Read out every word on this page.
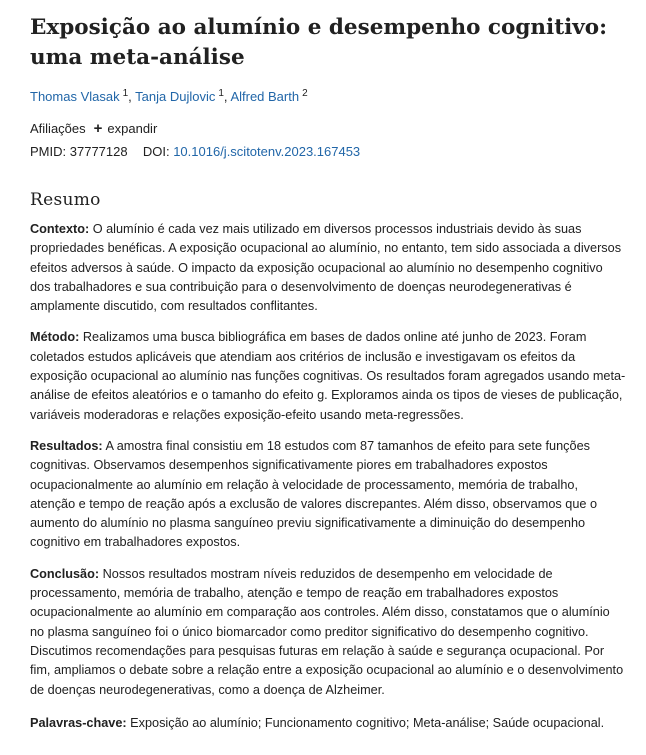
Exposição ao alumínio e desempenho cognitivo: uma meta-análise
Thomas Vlasak $^1$, Tanja Dujlovic $^1$, Alfred Barth $^2$
Afiliações + expandir
PMID: 37777128 DOI: 10.1016/j.scitotenv.2023.167453
Resumo

Contexto: O alumínio é cada vez mais utilizado em diversos processos industriais devido às suas propriedades benéficas. A exposição ocupacional ao alumínio, no entanto, tem sido associada a diversos efeitos adversos à saúde. O impacto da exposição ocupacional ao alumínio no desempenho cognitivo dos trabalhadores e sua contribuição para o desenvolvimento de doenças neurodegenerativas é amplamente discutido, com resultados conflitantes.

Método: Realizamos uma busca bibliográfica em bases de dados online até junho de 2023. Foram coletados estudos aplicáveis que atendiam aos critérios de inclusão e investigavam os efeitos da exposição ocupacional ao alumínio nas funções cognitivas. Os resultados foram agregados usando meta-análise de efeitos aleatórios e o tamanho do efeito g. Exploramos ainda os tipos de vieses de publicação, variáveis moderadoras e relações exposição-efeito usando meta-regressões.

Resultados: A amostra final consistiu em 18 estudos com 87 tamanhos de efeito para sete funções cognitivas. Observamos desempenhos significativamente piores em trabalhadores expostos ocupacionalmente ao alumínio em relação à velocidade de processamento, memória de trabalho, atenção e tempo de reação após a exclusão de valores discrepantes. Além disso, observamos que o aumento do alumínio no plasma sanguíneo previu significativamente a diminuição do desempenho cognitivo em trabalhadores expostos.

Conclusão: Nossos resultados mostram níveis reduzidos de desempenho em velocidade de processamento, memória de trabalho, atenção e tempo de reação em trabalhadores expostos ocupacionalmente ao alumínio em comparação aos controles. Além disso, constatamos que o alumínio no plasma sanguíneo foi o único biomarcador como preditor significativo do desempenho cognitivo. Discutimos recomendações para pesquisas futuras em relação à saúde e segurança ocupacional. Por fim, ampliamos o debate sobre a relação entre a exposição ocupacional ao alumínio e o desenvolvimento de doenças neurodegenerativas, como a doença de Alzheimer.

Palavras-chave: Exposição ao alumínio; Funcionamento cognitivo; Meta-análise; Saúde ocupacional.
